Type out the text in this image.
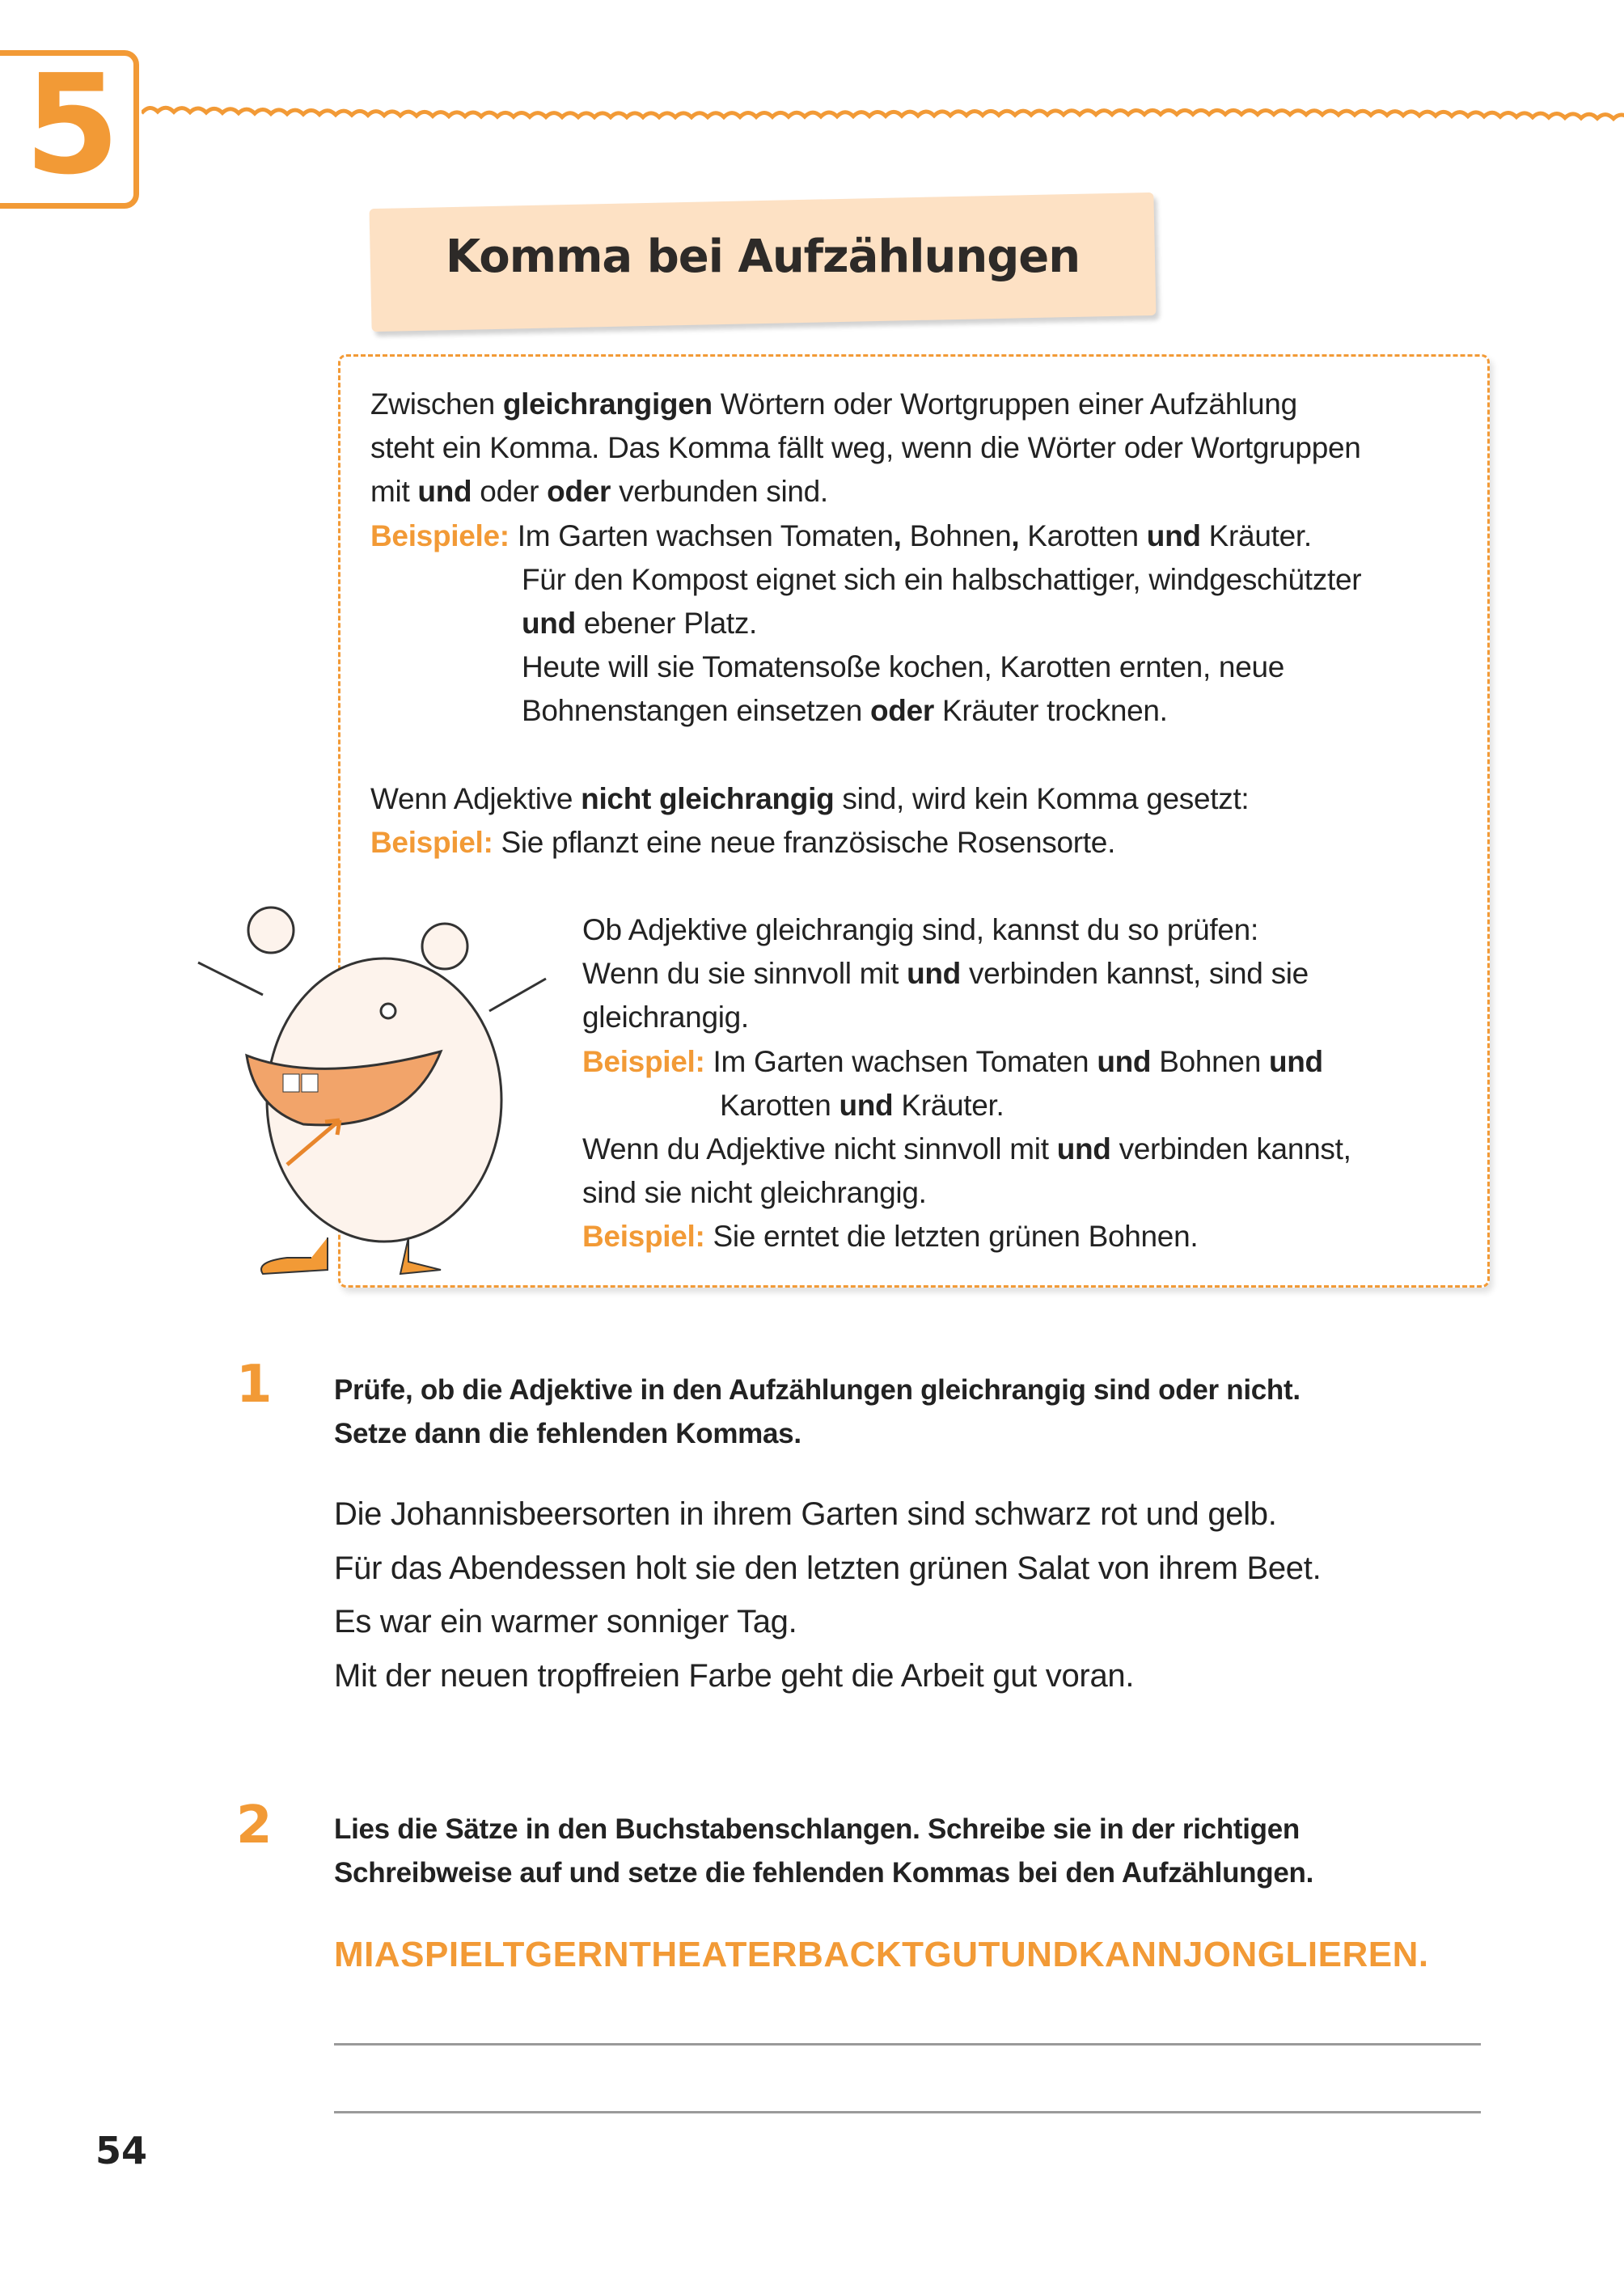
5
Komma bei Aufzählungen
Zwischen gleichrangigen Wörtern oder Wortgruppen einer Aufzählung
steht ein Komma. Das Komma fällt weg, wenn die Wörter oder Wortgruppen
mit und oder oder verbunden sind.
Beispiele: Im Garten wachsen Tomaten, Bohnen, Karotten und Kräuter.
Für den Kompost eignet sich ein halbschattiger, windgeschützter
und ebener Platz.
Heute will sie Tomatensoße kochen, Karotten ernten, neue
Bohnenstangen einsetzen oder Kräuter trocknen.
Wenn Adjektive nicht gleichrangig sind, wird kein Komma gesetzt:
Beispiel: Sie pflanzt eine neue französische Rosensorte.
Ob Adjektive gleichrangig sind, kannst du so prüfen:
Wenn du sie sinnvoll mit und verbinden kannst, sind sie
gleichrangig.
Beispiel: Im Garten wachsen Tomaten und Bohnen und
Karotten und Kräuter.
Wenn du Adjektive nicht sinnvoll mit und verbinden kannst,
sind sie nicht gleichrangig.
Beispiel: Sie erntet die letzten grünen Bohnen.
1 Prüfe, ob die Adjektive in den Aufzählungen gleichrangig sind oder nicht.
Setze dann die fehlenden Kommas.
Die Johannisbeersorten in ihrem Garten sind schwarz rot und gelb.
Für das Abendessen holt sie den letzten grünen Salat von ihrem Beet.
Es war ein warmer sonniger Tag.
Mit der neuen tropffreien Farbe geht die Arbeit gut voran.
2 Lies die Sätze in den Buchstabenschlangen. Schreibe sie in der richtigen
Schreibweise auf und setze die fehlenden Kommas bei den Aufzählungen.
MIASPIELTGERNTHEATERBACKTGUTUNDKANNJONGLIEREN.
54
